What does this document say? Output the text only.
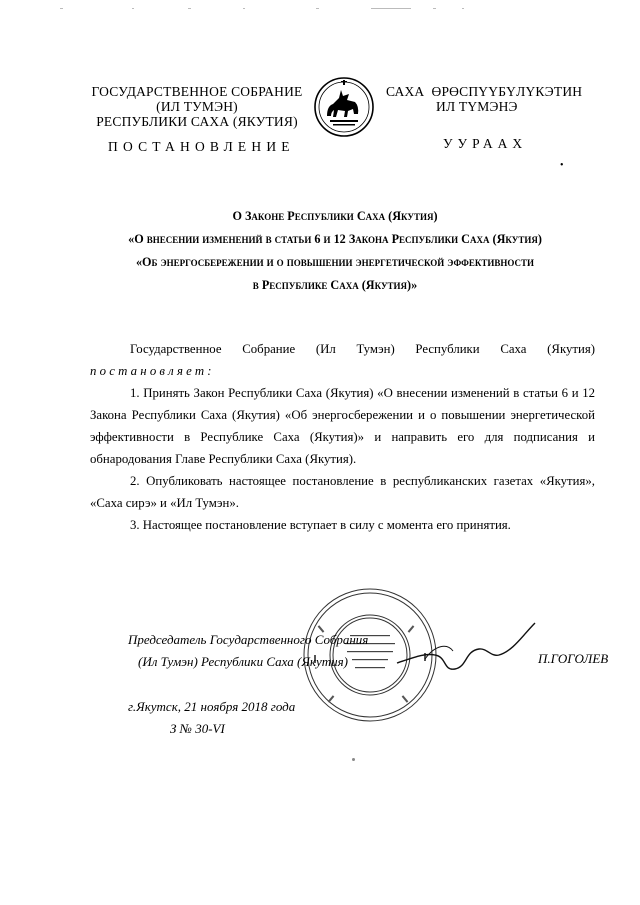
ГОСУДАРСТВЕННОЕ СОБРАНИЕ
(ИЛ ТУМЭН)
РЕСПУБЛИКИ САХА (ЯКУТИЯ)
ПОСТАНОВЛЕНИЕ
САХА  ӨРӨСПҮҮБҮЛҮКЭТИН
ИЛ ТҮМЭНЭ
УУРААХ
•
О Законе Республики Саха (Якутия)
«О внесении изменений в статьи 6 и 12 Закона Республики Саха (Якутия)
«Об энергосбережении и о повышении энергетической эффективности
в Республике Саха (Якутия)»
Государственное Собрание (Ил Тумэн) Республики Саха (Якутия)
постановляет:
1. Принять Закон Республики Саха (Якутия) «О внесении изменений в статьи 6 и 12 Закона Республики Саха (Якутия) «Об энергосбережении и о повышении энергетической эффективности в Республике Саха (Якутия)» и направить его для подписания и обнародования Главе Республики Саха (Якутия).
2. Опубликовать настоящее постановление в республиканских газетах «Якутия», «Саха сирэ» и «Ил Тумэн».
3. Настоящее постановление вступает в силу с момента его принятия.
Председатель Государственного Собрания
(Ил Тумэн) Республики Саха (Якутия)	П.ГОГОЛЕВ
г.Якутск, 21 ноября 2018 года
З № 30-VI
